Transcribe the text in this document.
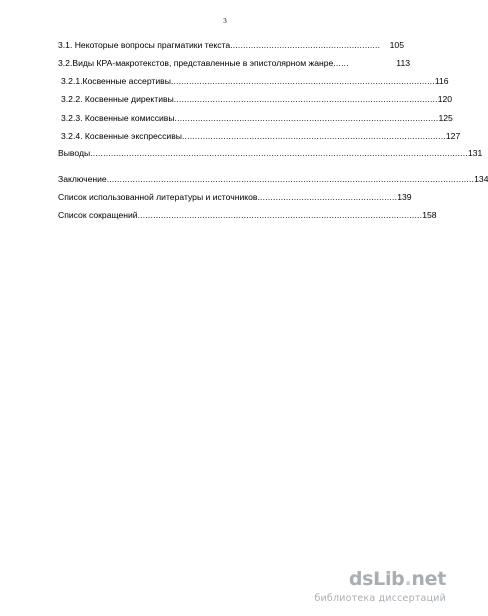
3
3.1. Некоторые вопросы прагматики текста ..........................................................	105
3.2.Виды КРА-макротекстов, представленные в эпистолярном жанре ......	113
3.2.1.Косвенные ассертивы ...................................................................................................... 116
3.2.2. Косвенные директивы ...................................................................................................... 120
3.2.3. Косвенные комиссивы ...................................................................................................... 125
3.2.4. Косвенные экспрессивы ...................................................................................................... 127
Выводы .................................................................................................................................................. 131
Заключение .............................................................................................................................................. 134
Список использованной литературы и источников ...................................................... 139
Список сокращений .............................................................................................................. 158
dsLib.net
библиотека диссертаций
